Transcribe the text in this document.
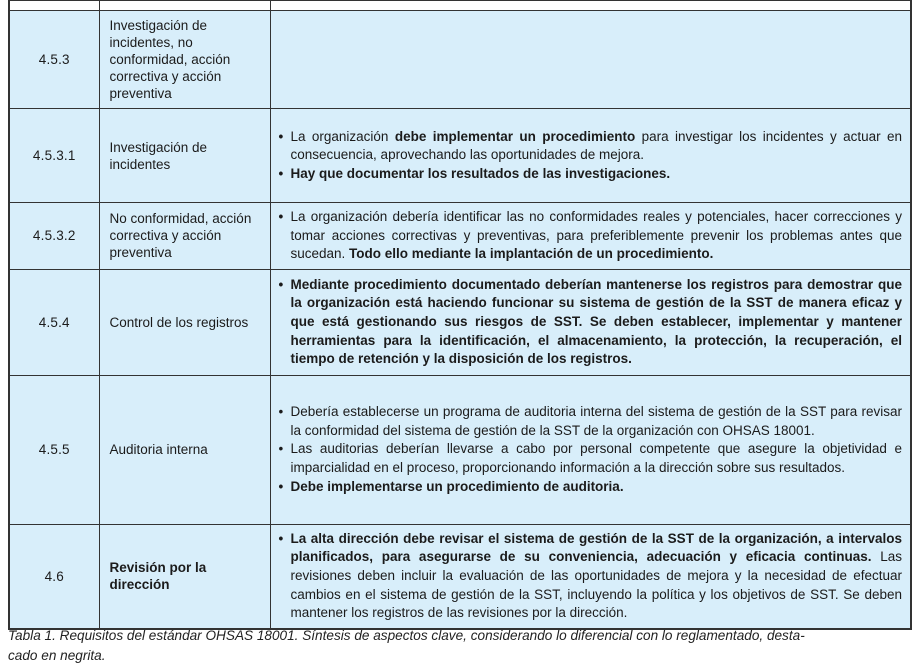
4.5.3	Investigación de incidentes, no conformidad, acción correctiva y acción preventiva	
4.5.3.1	Investigación de incidentes	• La organización debe implementar un procedimiento para investigar los incidentes y actuar en consecuencia, aprovechando las oportunidades de mejora.
• Hay que documentar los resultados de las investigaciones.

4.5.3.2	No conformidad, acción correctiva y acción preventiva	• La organización debería identificar las no conformidades reales y potenciales, hacer correcciones y tomar acciones correctivas y preventivas, para preferiblemente prevenir los problemas antes que sucedan. Todo ello mediante la implantación de un procedimiento.

4.5.4	Control de los registros	• Mediante procedimiento documentado deberían mantenerse los registros para demostrar que la organización está haciendo funcionar su sistema de gestión de la SST de manera eficaz y que está gestionando sus riesgos de SST. Se deben establecer, implementar y mantener herramientas para la identificación, el almacenamiento, la protección, la recuperación, el tiempo de retención y la disposición de los registros.

4.5.5	Auditoria interna	
• Debería establecerse un programa de auditoria interna del sistema de gestión de la SST para revisar la conformidad del sistema de gestión de la SST de la organización con OHSAS 18001.
• Las auditorias deberían llevarse a cabo por personal competente que asegure la objetividad e imparcialidad en el proceso, proporcionando información a la dirección sobre sus resultados.
• Debe implementarse un procedimiento de auditoria.

4.6	Revisión por la dirección	• La alta dirección debe revisar el sistema de gestión de la SST de la organización, a intervalos planificados, para asegurarse de su conveniencia, adecuación y eficacia continuas. Las revisiones deben incluir la evaluación de las oportunidades de mejora y la necesidad de efectuar cambios en el sistema de gestión de la SST, incluyendo la política y los objetivos de SST. Se deben mantener los registros de las revisiones por la dirección.
Tabla 1. Requisitos del estándar OHSAS 18001. Síntesis de aspectos clave, considerando lo diferencial con lo reglamentado, desta-
cado en negrita.
